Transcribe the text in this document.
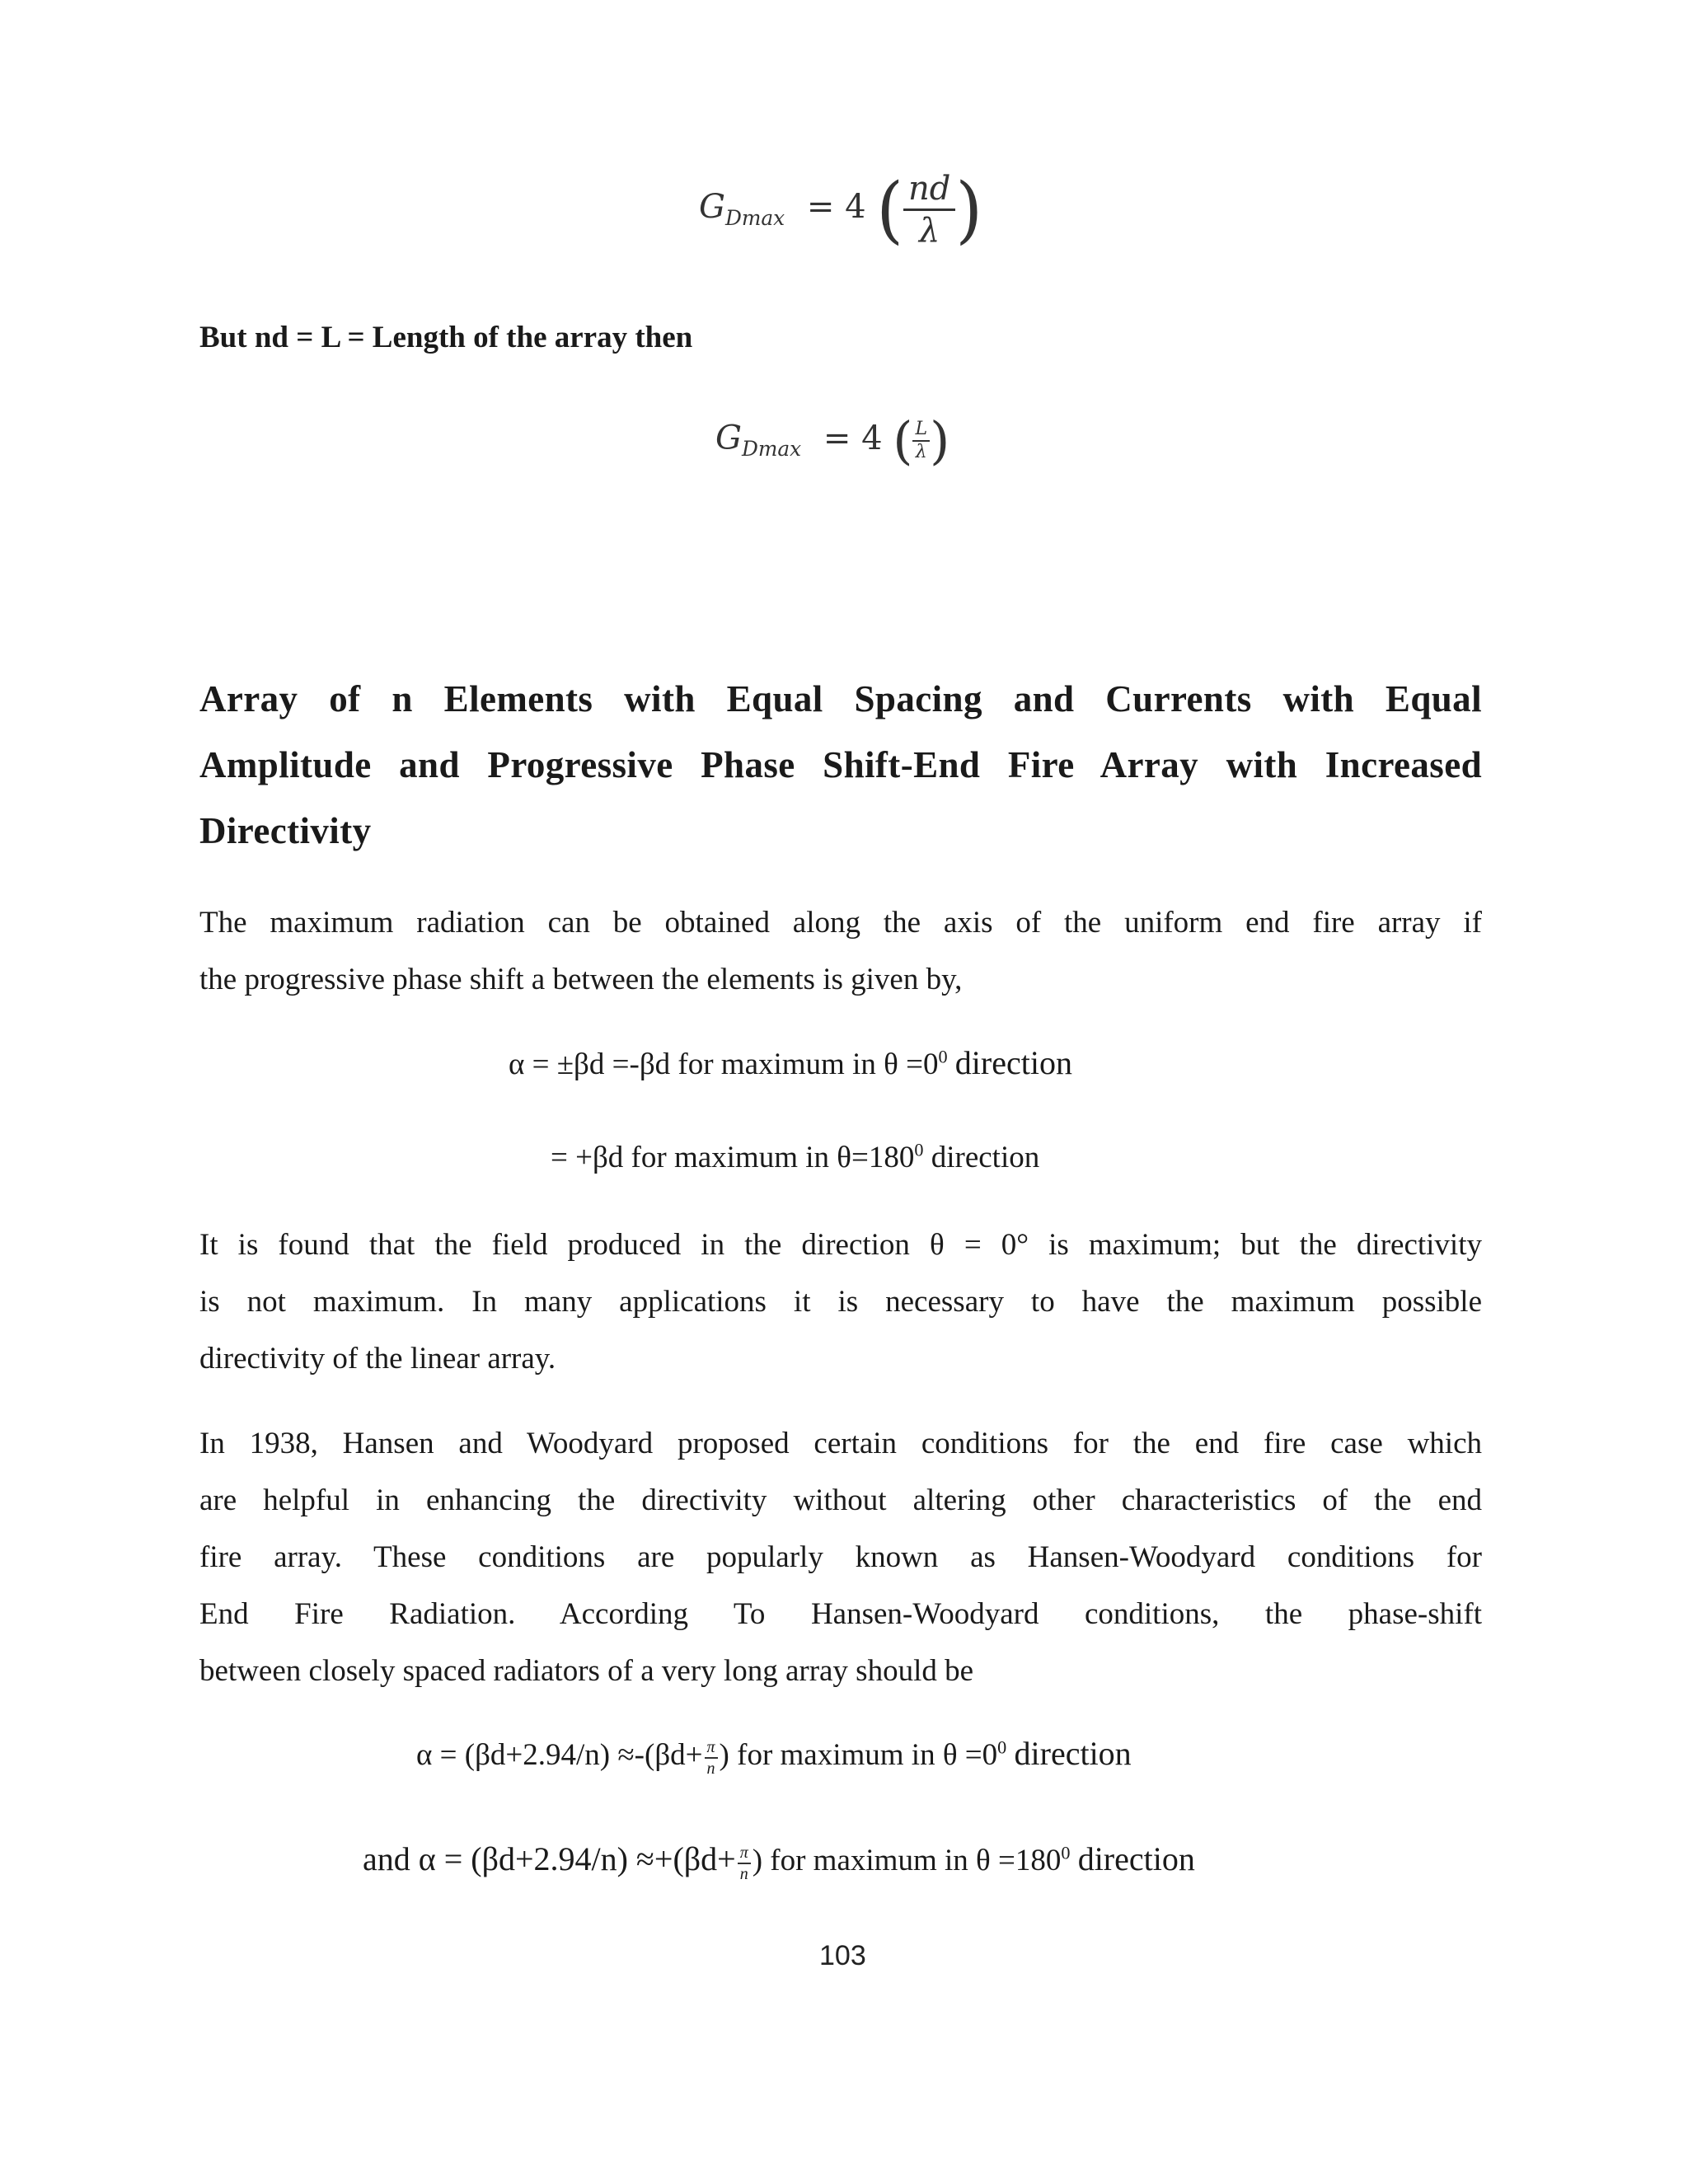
$G_{Dmax} = 4$ ( $\frac{nd}{\lambda}$ )
But nd = L = Length of the array then
$G_{Dmax} = 4$ ( $\frac{L}{\lambda}$ )
Array of n Elements with Equal Spacing and Currents with Equal
Amplitude and Progressive Phase Shift-End Fire Array with Increased
Directivity
The maximum radiation can be obtained along the axis of the uniform end fire array if
the progressive phase shift a between the elements is given by,
α = ±βd =-βd for maximum in $\theta =0^0$ direction
= +βd for maximum in $\theta=180^0$ direction
It is found that the field produced in the direction θ = 0° is maximum; but the directivity
is not maximum. In many applications it is necessary to have the maximum possible
directivity of the linear array.
In 1938, Hansen and Woodyard proposed certain conditions for the end fire case which
are helpful in enhancing the directivity without altering other characteristics of the end
fire array. These conditions are popularly known as Hansen-Woodyard conditions for
End Fire Radiation. According To Hansen-Woodyard conditions, the phase-shift
between closely spaced radiators of a very long array should be
$\alpha = (\beta d+2.94/n) \approx-(\beta d+ \frac{\pi}{n}$ ) for maximum in $\theta =0^0$ direction
and $\alpha = (\beta d+2.94/n) \approx+(\beta d+ \frac{\pi}{n}$ ) for maximum in $\theta =180^0$ direction
103
